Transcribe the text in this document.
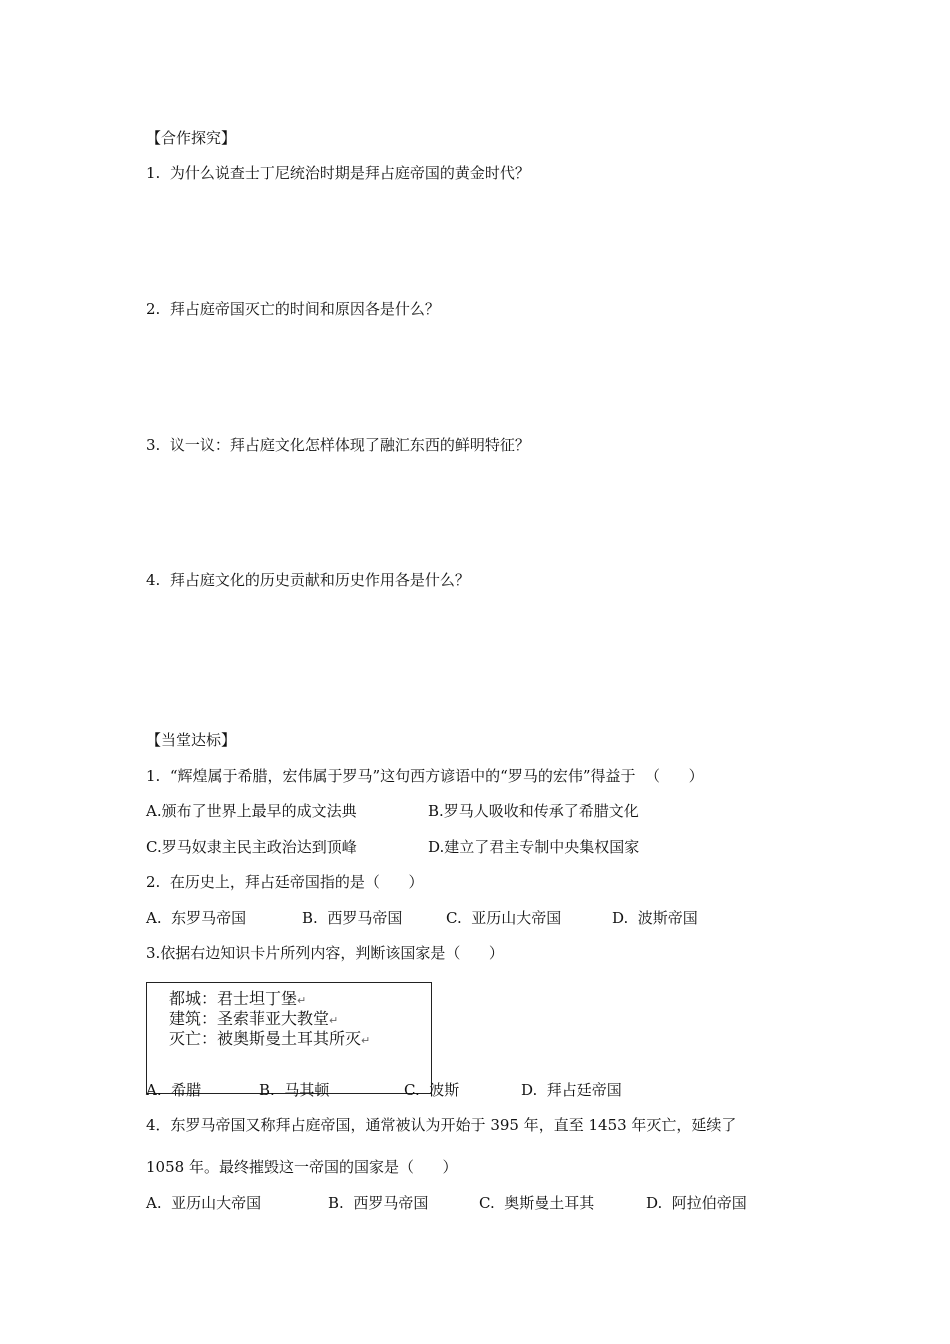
【合作探究】
1.  为什么说查士丁尼统治时期是拜占庭帝国的黄金时代？
2.  拜占庭帝国灭亡的时间和原因各是什么？
3.  议一议：拜占庭文化怎样体现了融汇东西的鲜明特征？
4.  拜占庭文化的历史贡献和历史作用各是什么？
【当堂达标】
1.  “辉煌属于希腊，宏伟属于罗马”这句西方谚语中的“罗马的宏伟”得益于  （      ）
A.颁布了世界上最早的成文法典	B.罗马人吸收和传承了希腊文化
C.罗马奴隶主民主政治达到顶峰	D.建立了君主专制中央集权国家
2.  在历史上，拜占廷帝国指的是（      ）
A.  东罗马帝国	B.  西罗马帝国	C.  亚历山大帝国	D.  波斯帝国
3.依据右边知识卡片所列内容，判断该国家是（      ）
都城：君士坦丁堡↵
建筑：圣索菲亚大教堂↵
灭亡：被奥斯曼土耳其所灭↵
A.  希腊	B.  马其顿	C.  波斯	D.  拜占廷帝国
4．东罗马帝国又称拜占庭帝国，通常被认为开始于 395 年，直至 1453 年灭亡，延续了
1058 年。最终摧毁这一帝国的国家是（      ）
A.  亚历山大帝国	B.  西罗马帝国	C.  奥斯曼土耳其	D.  阿拉伯帝国
